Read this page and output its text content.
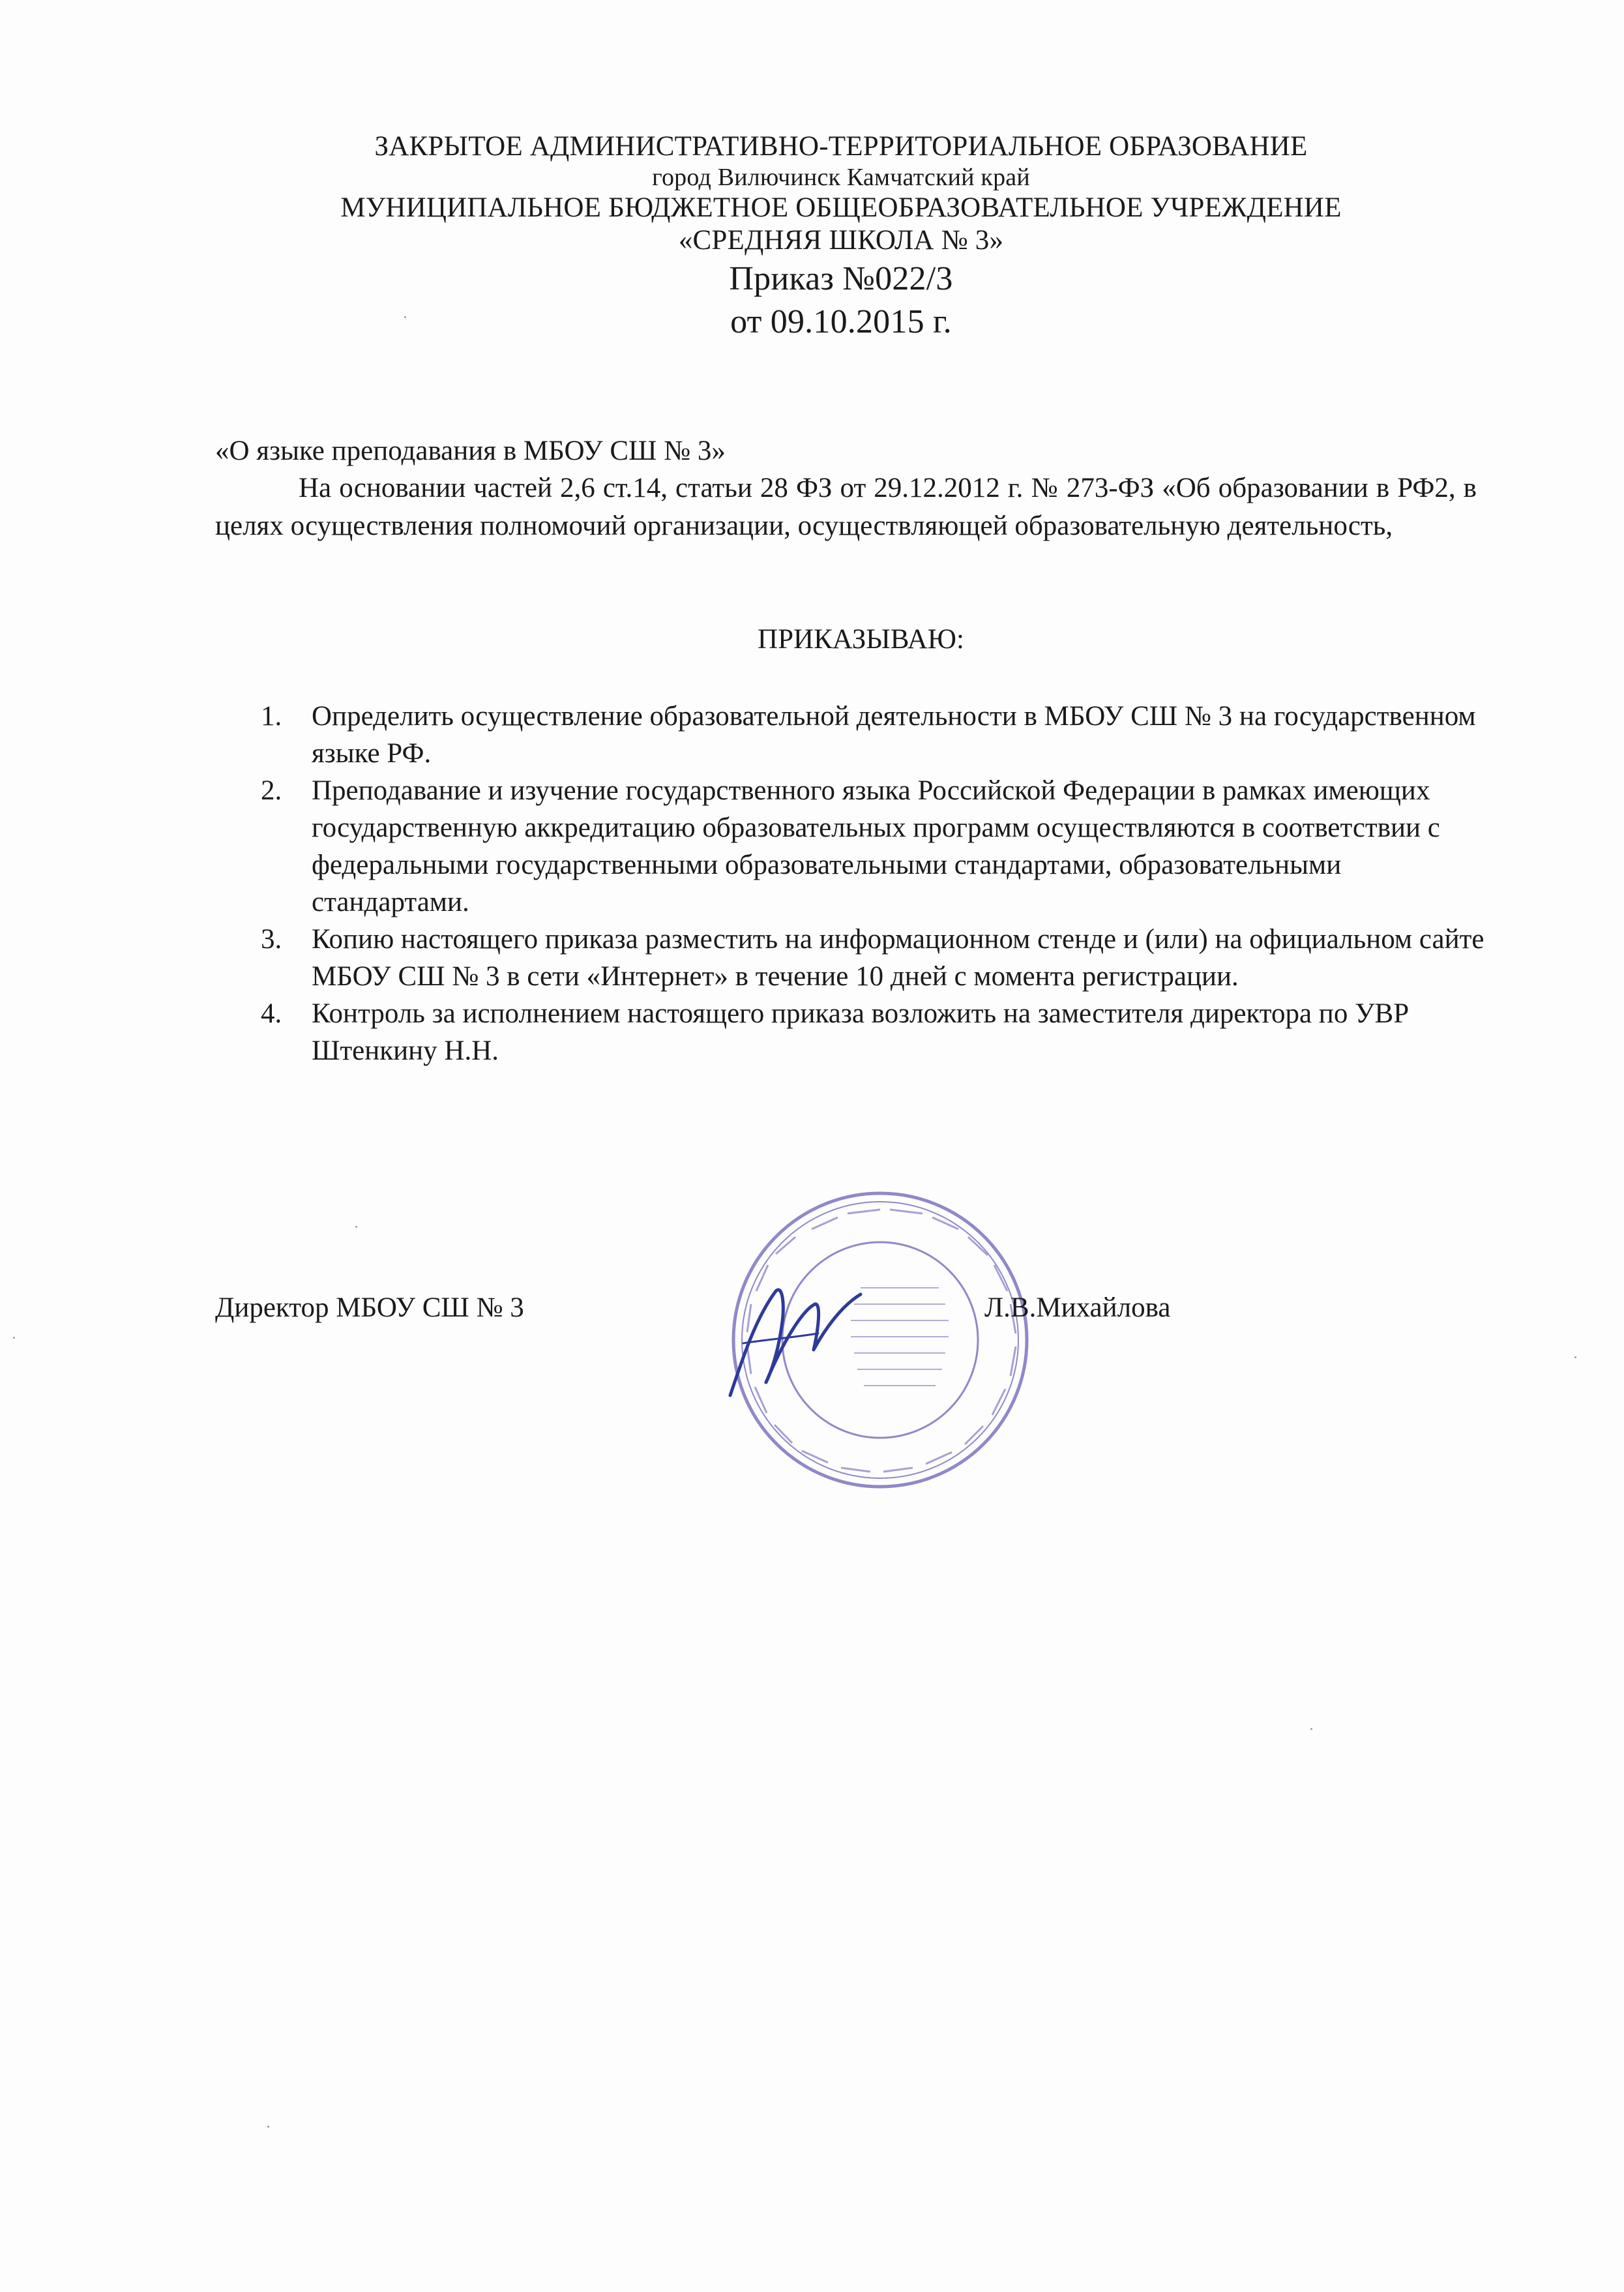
ЗАКРЫТОЕ АДМИНИСТРАТИВНО-ТЕРРИТОРИАЛЬНОЕ ОБРАЗОВАНИЕ
город Вилючинск Камчатский край
МУНИЦИПАЛЬНОЕ БЮДЖЕТНОЕ ОБЩЕОБРАЗОВАТЕЛЬНОЕ УЧРЕЖДЕНИЕ
«СРЕДНЯЯ ШКОЛА № 3»
Приказ №022/3
от 09.10.2015 г.
«О языке преподавания в МБОУ СШ № 3»
На основании частей 2,6 ст.14, статьи 28 ФЗ от 29.12.2012 г. № 273-ФЗ «Об образовании в РФ2, в целях осуществления полномочий организации, осуществляющей образовательную деятельность,
ПРИКАЗЫВАЮ:
1. Определить осуществление образовательной деятельности в МБОУ СШ № 3 на государственном языке РФ.
2. Преподавание и изучение государственного языка Российской Федерации в рамках имеющих государственную аккредитацию образовательных программ осуществляются в соответствии с федеральными государственными образовательными стандартами, образовательными стандартами.
3. Копию настоящего приказа разместить на информационном стенде и (или) на официальном сайте МБОУ СШ № 3 в сети «Интернет» в течение 10 дней с момента регистрации.
4. Контроль за исполнением настоящего приказа возложить на заместителя директора по УВР Штенкину Н.Н.
Директор МБОУ СШ № 3	Л.В.Михайлова
